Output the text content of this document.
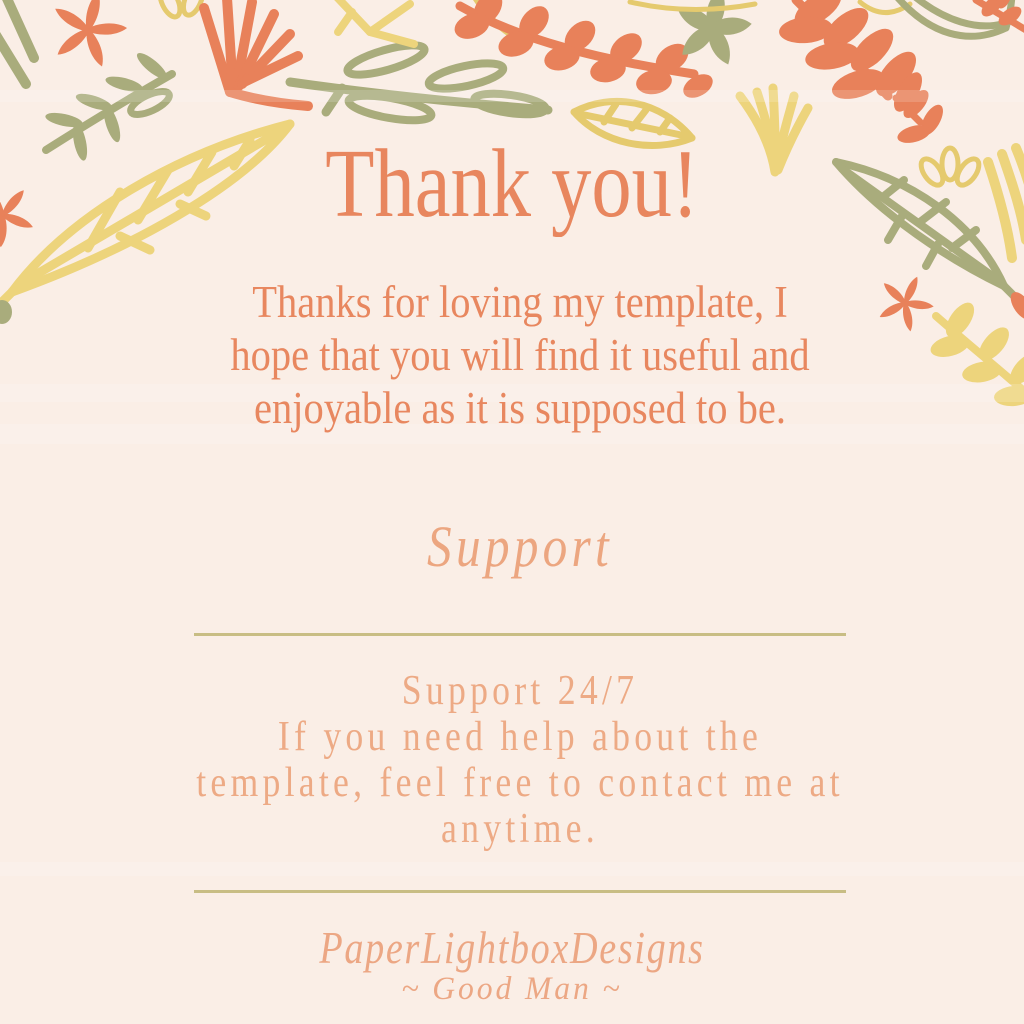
Thank you!
Thanks for loving my template, I
hope that you will find it useful and
enjoyable as it is supposed to be.
Support
Support 24/7
If you need help about the
template, feel free to contact me at
anytime.
PaperLightboxDesigns
~ Good Man ~
